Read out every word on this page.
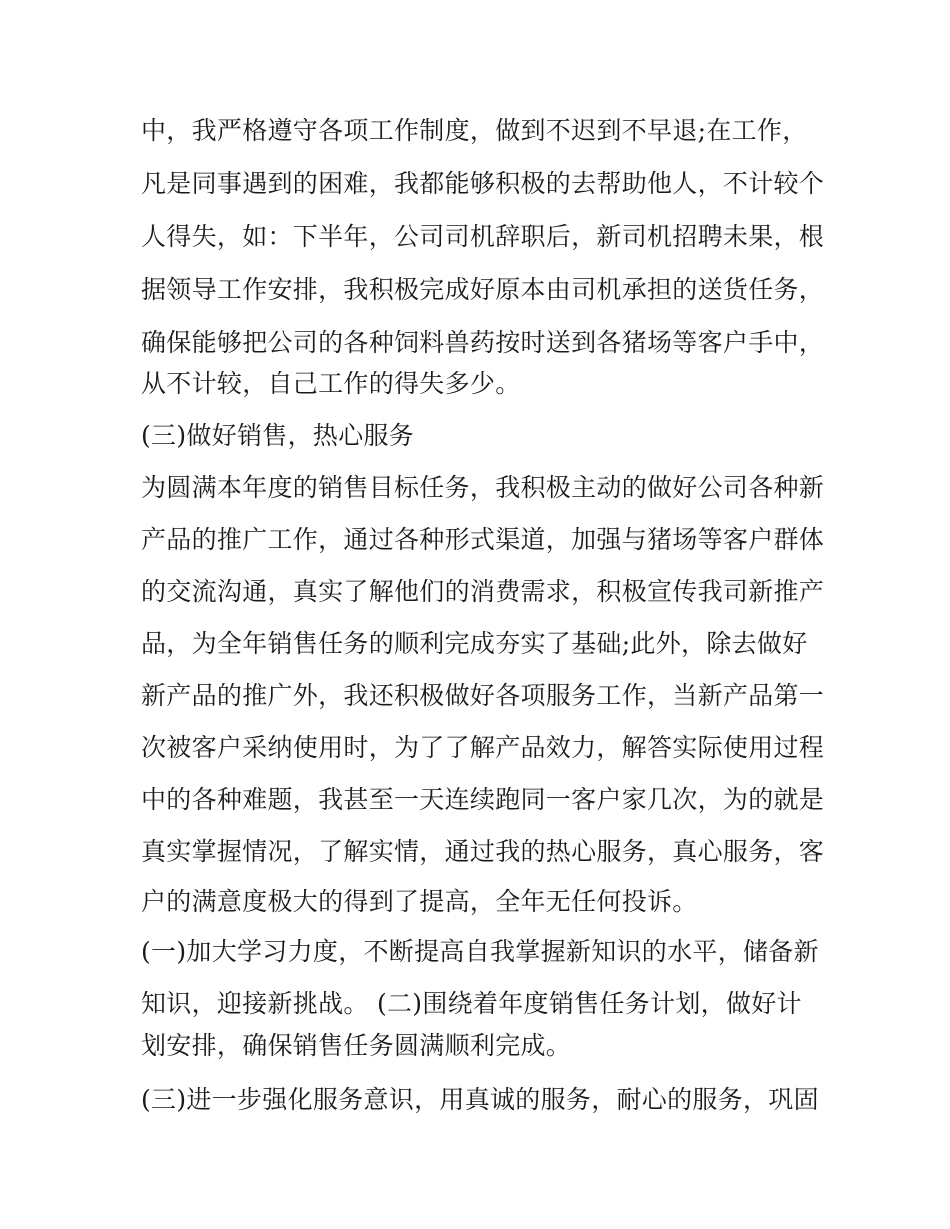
中，我严格遵守各项工作制度，做到不迟到不早退;在工作，
凡是同事遇到的困难，我都能够积极的去帮助他人，不计较个
人得失，如：下半年，公司司机辞职后，新司机招聘未果，根
据领导工作安排，我积极完成好原本由司机承担的送货任务，
确保能够把公司的各种饲料兽药按时送到各猪场等客户手中，
从不计较，自己工作的得失多少。
(三)做好销售，热心服务
为圆满本年度的销售目标任务，我积极主动的做好公司各种新
产品的推广工作，通过各种形式渠道，加强与猪场等客户群体
的交流沟通，真实了解他们的消费需求，积极宣传我司新推产
品，为全年销售任务的顺利完成夯实了基础;此外，除去做好
新产品的推广外，我还积极做好各项服务工作，当新产品第一
次被客户采纳使用时，为了了解产品效力，解答实际使用过程
中的各种难题，我甚至一天连续跑同一客户家几次，为的就是
真实掌握情况，了解实情，通过我的热心服务，真心服务，客
户的满意度极大的得到了提高，全年无任何投诉。
(一)加大学习力度，不断提高自我掌握新知识的水平，储备新
知识，迎接新挑战。 (二)围绕着年度销售任务计划，做好计
划安排，确保销售任务圆满顺利完成。
(三)进一步强化服务意识，用真诚的服务，耐心的服务，巩固
